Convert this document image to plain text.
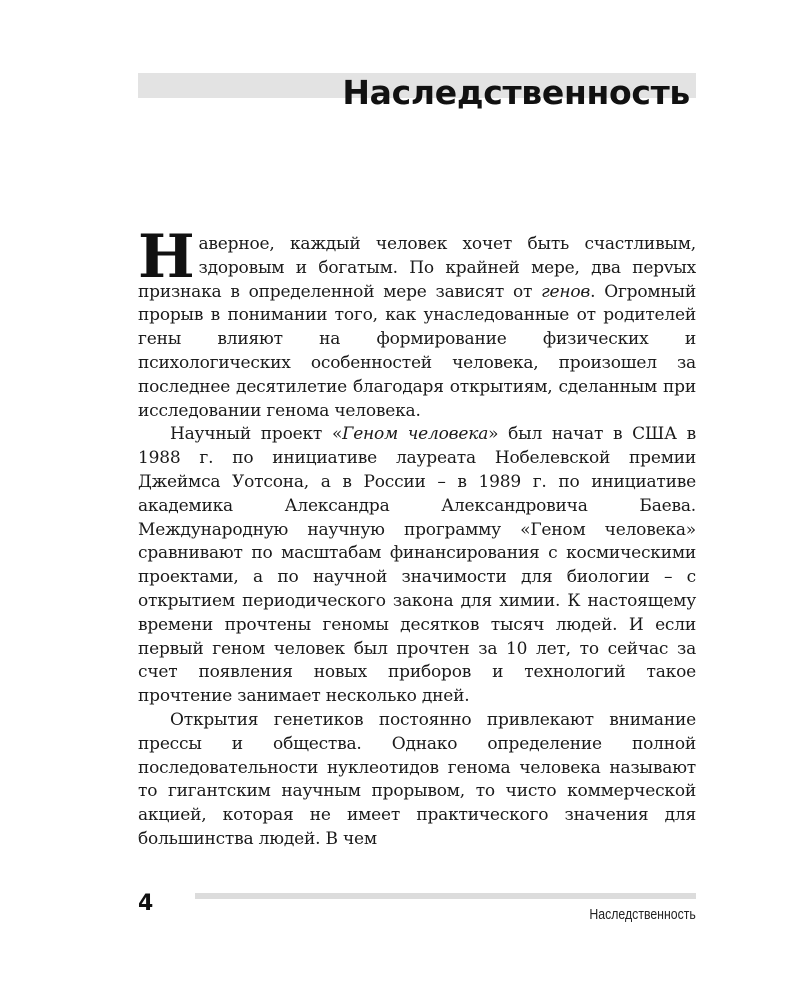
Наследственность

Наверное, каждый человек хочет быть счастливым, здоровым и богатым. По крайней мере, два перvых признака в определенной мере зависят от генов. Огромный прорыв в понимании того, как унаследованные от родителей гены влияют на формирование физических и психологических особенностей человека, произошел за последнее десятилетие благодаря открытиям, сделанным при исследовании генома человека.

Научный проект «Геном человека» был начат в США в 1988 г. по инициативе лауреата Нобелевской премии Джеймса Уотсона, а в России – в 1989 г. по инициативе академика Александра Александровича Баева. Международную научную программу «Геном человека» сравнивают по масштабам финансирования с космическими проектами, а по научной значимости для биологии – с открытием периодического закона для химии. К настоящему времени прочтены геномы десятков тысяч людей. И если первый геном человек был прочтен за 10 лет, то сейчас за счет появления новых приборов и технологий такое прочтение занимает несколько дней.

Открытия генетиков постоянно привлекают внимание прессы и общества. Однако определение полной последовательности нуклеотидов генома человека называют то гигантским научным прорывом, то чисто коммерческой акцией, которая не имеет практического значения для большинства людей. В чем

4	Наследственность
